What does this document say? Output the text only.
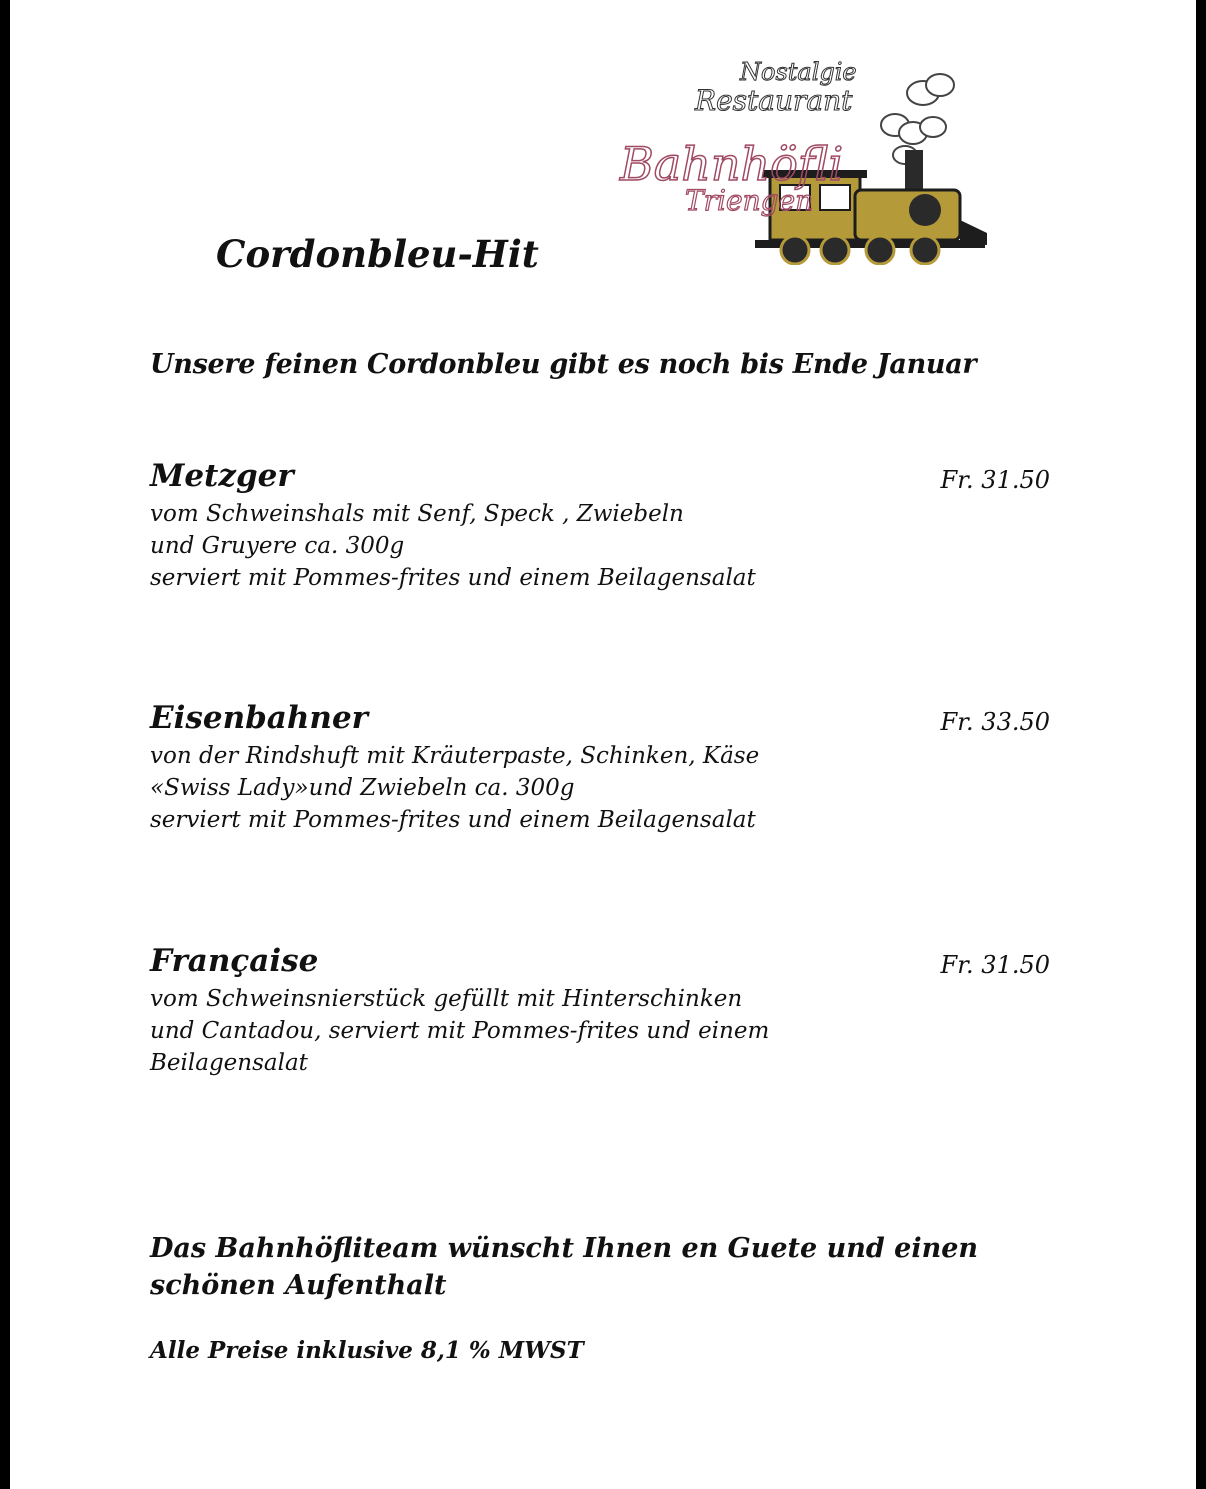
Nostalgie
Restaurant
Bahnhöfli
Triengen
Cordonbleu-Hit
Unsere feinen Cordonbleu gibt es noch bis Ende Januar
Metzger	Fr. 31.50
vom Schweinshals mit Senf, Speck , Zwiebeln
und Gruyere ca. 300g
serviert mit Pommes-frites und einem Beilagensalat
Eisenbahner	Fr. 33.50
von der Rindshuft mit Kräuterpaste, Schinken, Käse
«Swiss Lady»und Zwiebeln ca. 300g
serviert mit Pommes-frites und einem Beilagensalat
Française	Fr. 31.50
vom Schweinsnierstück gefüllt mit Hinterschinken
und Cantadou, serviert mit Pommes-frites und einem
Beilagensalat
Das Bahnhöfliteam wünscht Ihnen en Guete und einen
schönen Aufenthalt
Alle Preise inklusive 8,1 % MWST
